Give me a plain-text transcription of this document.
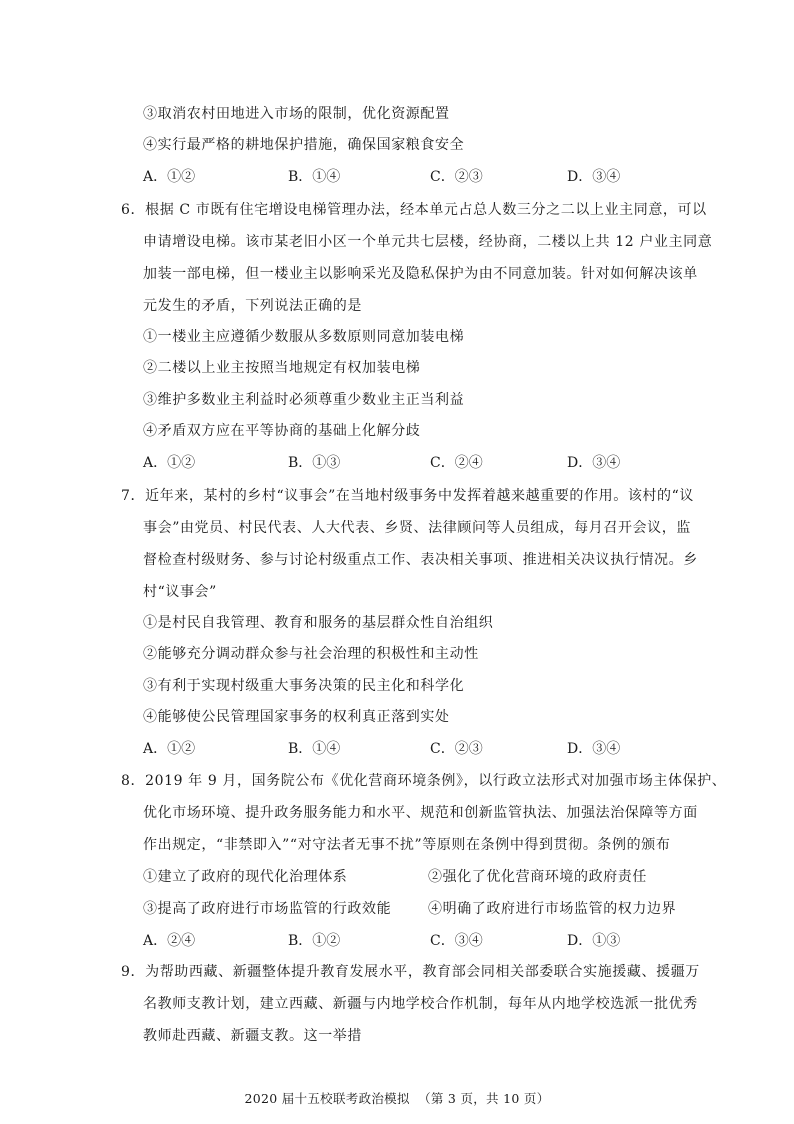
③取消农村田地进入市场的限制，优化资源配置
④实行最严格的耕地保护措施，确保国家粮食安全
A．①②	B．①④	C．②③	D．③④
6．根据 C 市既有住宅增设电梯管理办法，经本单元占总人数三分之二以上业主同意，可以
申请增设电梯。该市某老旧小区一个单元共七层楼，经协商，二楼以上共 12 户业主同意
加装一部电梯，但一楼业主以影响采光及隐私保护为由不同意加装。针对如何解决该单
元发生的矛盾，下列说法正确的是
①一楼业主应遵循少数服从多数原则同意加装电梯
②二楼以上业主按照当地规定有权加装电梯
③维护多数业主利益时必须尊重少数业主正当利益
④矛盾双方应在平等协商的基础上化解分歧
A．①②	B．①③	C．②④	D．③④
7．近年来，某村的乡村“议事会”在当地村级事务中发挥着越来越重要的作用。该村的“议
事会”由党员、村民代表、人大代表、乡贤、法律顾问等人员组成，每月召开会议，监
督检查村级财务、参与讨论村级重点工作、表决相关事项、推进相关决议执行情况。乡
村“议事会”
①是村民自我管理、教育和服务的基层群众性自治组织
②能够充分调动群众参与社会治理的积极性和主动性
③有利于实现村级重大事务决策的民主化和科学化
④能够使公民管理国家事务的权利真正落到实处
A．①②	B．①④	C．②③	D．③④
8．2019 年 9 月，国务院公布《优化营商环境条例》，以行政立法形式对加强市场主体保护、
优化市场环境、提升政务服务能力和水平、规范和创新监管执法、加强法治保障等方面
作出规定，“非禁即入”“对守法者无事不扰”等原则在条例中得到贯彻。条例的颁布
①建立了政府的现代化治理体系	②强化了优化营商环境的政府责任
③提高了政府进行市场监管的行政效能	④明确了政府进行市场监管的权力边界
A．②④	B．①②	C．③④	D．①③
9．为帮助西藏、新疆整体提升教育发展水平，教育部会同相关部委联合实施援藏、援疆万
名教师支教计划，建立西藏、新疆与内地学校合作机制，每年从内地学校选派一批优秀
教师赴西藏、新疆支教。这一举措
2020 届十五校联考政治模拟 （第 3 页，共 10 页）
